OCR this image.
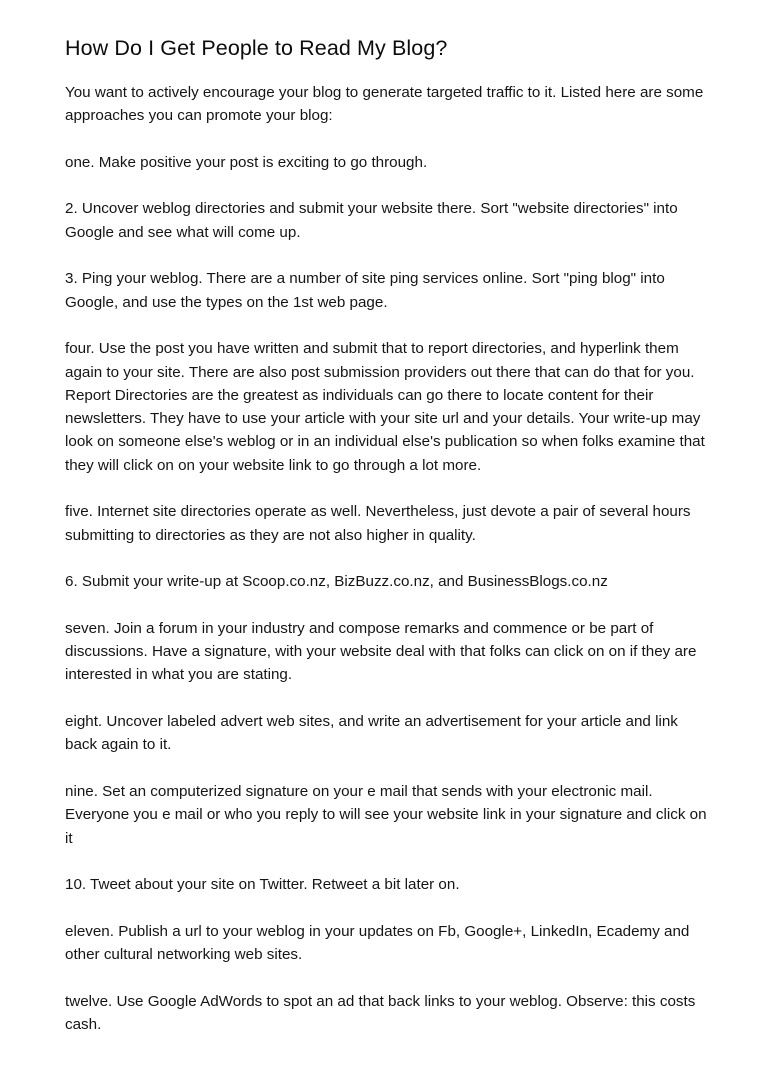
How Do I Get People to Read My Blog?

You want to actively encourage your blog to generate targeted traffic to it. Listed here are some approaches you can promote your blog:

one. Make positive your post is exciting to go through.

2. Uncover weblog directories and submit your website there. Sort "website directories" into Google and see what will come up.

3. Ping your weblog. There are a number of site ping services online. Sort "ping blog" into Google, and use the types on the 1st web page.

four. Use the post you have written and submit that to report directories, and hyperlink them again to your site. There are also post submission providers out there that can do that for you. Report Directories are the greatest as individuals can go there to locate content for their newsletters. They have to use your article with your site url and your details. Your write-up may look on someone else's weblog or in an individual else's publication so when folks examine that they will click on on your website link to go through a lot more.

five. Internet site directories operate as well. Nevertheless, just devote a pair of several hours submitting to directories as they are not also higher in quality.

6. Submit your write-up at Scoop.co.nz, BizBuzz.co.nz, and BusinessBlogs.co.nz

seven. Join a forum in your industry and compose remarks and commence or be part of discussions. Have a signature, with your website deal with that folks can click on on if they are interested in what you are stating.

eight. Uncover labeled advert web sites, and write an advertisement for your article and link back again to it.

nine. Set an computerized signature on your e mail that sends with your electronic mail. Everyone you e mail or who you reply to will see your website link in your signature and click on it

10. Tweet about your site on Twitter. Retweet a bit later on.

eleven. Publish a url to your weblog in your updates on Fb, Google+, LinkedIn, Ecademy and other cultural networking web sites.

twelve. Use Google AdWords to spot an ad that back links to your weblog. Observe: this costs cash.
